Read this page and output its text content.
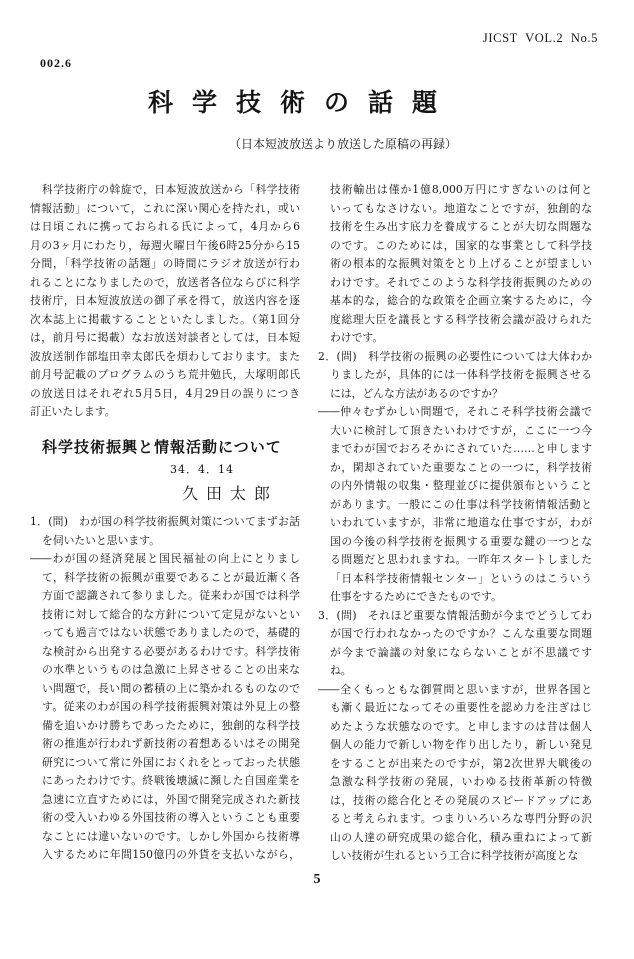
JICST VOL.2 No.5
002.6
科学技術の話題
（日本短波放送より放送した原稿の再録）
科学技術庁の斡旋で，日本短波放送から「科学技術
情報活動」について，これに深い関心を持たれ，或い
は日頃これに携っておられる氏によって，4月から6
月の3ヶ月にわたり，毎週火曜日午後6時25分から15
分間，「科学技術の話題」の時間にラジオ放送が行わ
れることになりましたので，放送者各位ならびに科学
技術庁，日本短波放送の御了承を得て，放送内容を逐
次本誌上に掲載することといたしました。（第1回分
は，前月号に掲載）なお放送対談者としては，日本短
波放送制作部塩田幸太郎氏を煩わしております。また
前月号記載のプログラムのうち荒井勉氏，大塚明郎氏
の放送日はそれぞれ5月5日，4月29日の誤りにつき
訂正いたします。
科学技術振興と情報活動について
34．4．14
久田太郎
1．(問)　わが国の科学技術振興対策についてまずお話
を伺いたいと思います。
――わが国の経済発展と国民福祉の向上にとりまし
て，科学技術の振興が重要であることが最近漸く各
方面で認識されて参りました。従来わが国では科学
技術に対して総合的な方針について定見がないとい
っても過言ではない状態でありましたので，基礎的
な検討から出発する必要があるわけです。科学技術
の水準というものは急激に上昇させることの出来な
い問題で，長い間の蓄積の上に築かれるものなので
す。従来のわが国の科学技術振興対策は外見上の整
備を追いかけ勝ちであったために，独創的な科学技
術の推進が行われず新技術の着想あるいはその開発
研究について常に外国におくれをとっておった状態
にあったわけです。終戦後壊滅に瀕した自国産業を
急速に立直すためには，外国で開発完成された新技
術の受入いわゆる外国技術の導入ということも重要
なことには違いないのです。しかし外国から技術導
入するために年間150億円の外貨を支払いながら，
技術輸出は僅か1億8,000万円にすぎないのは何と
いってもなさけない。地道なことですが，独創的な
技術を生み出す底力を養成することが大切な問題な
のです。このためには，国家的な事業として科学技
術の根本的な振興対策をとり上げることが望ましい
わけです。それでこのような科学技術振興のための
基本的な，総合的な政策を企画立案するために，今
度総理大臣を議長とする科学技術会議が設けられた
わけです。
2．(問)　科学技術の振興の必要性については大体わか
りましたが，具体的には一体科学技術を振興させる
には，どんな方法があるのですか？
――仲々むずかしい問題で，それこそ科学技術会議で
大いに検討して頂きたいわけですが，ここに一つ今
までわが国でおろそかにされていた……と申します
か，閑却されていた重要なことの一つに，科学技術
の内外情報の収集・整理並びに提供頒布ということ
があります。一般にこの仕事は科学技術情報活動と
いわれていますが，非常に地道な仕事ですが，わが
国の今後の科学技術を振興する重要な鍵の一つとな
る問題だと思われますね。一昨年スタートしました
「日本科学技術情報センター」というのはこういう
仕事をするためにできたものです。
3．(問)　それほど重要な情報活動が今までどうしてわ
が国で行われなかったのですか？こんな重要な問題
が今まで論議の対象にならないことが不思議です
ね。
――全くもっともな御質問と思いますが，世界各国と
も漸く最近になってその重要性を認め力を注ぎはじ
めたような状態なのです。と申しますのは昔は個人
個人の能力で新しい物を作り出したり，新しい発見
をすることが出来たのですが，第2次世界大戦後の
急激な科学技術の発展，いわゆる技術革新の特徴
は，技術の総合化とその発展のスピードアップにあ
ると考えられます。つまりいろいろな専門分野の沢
山の人達の研究成果の総合化，積み重ねによって新
しい技術が生れるという工合に科学技術が高度とな
5
